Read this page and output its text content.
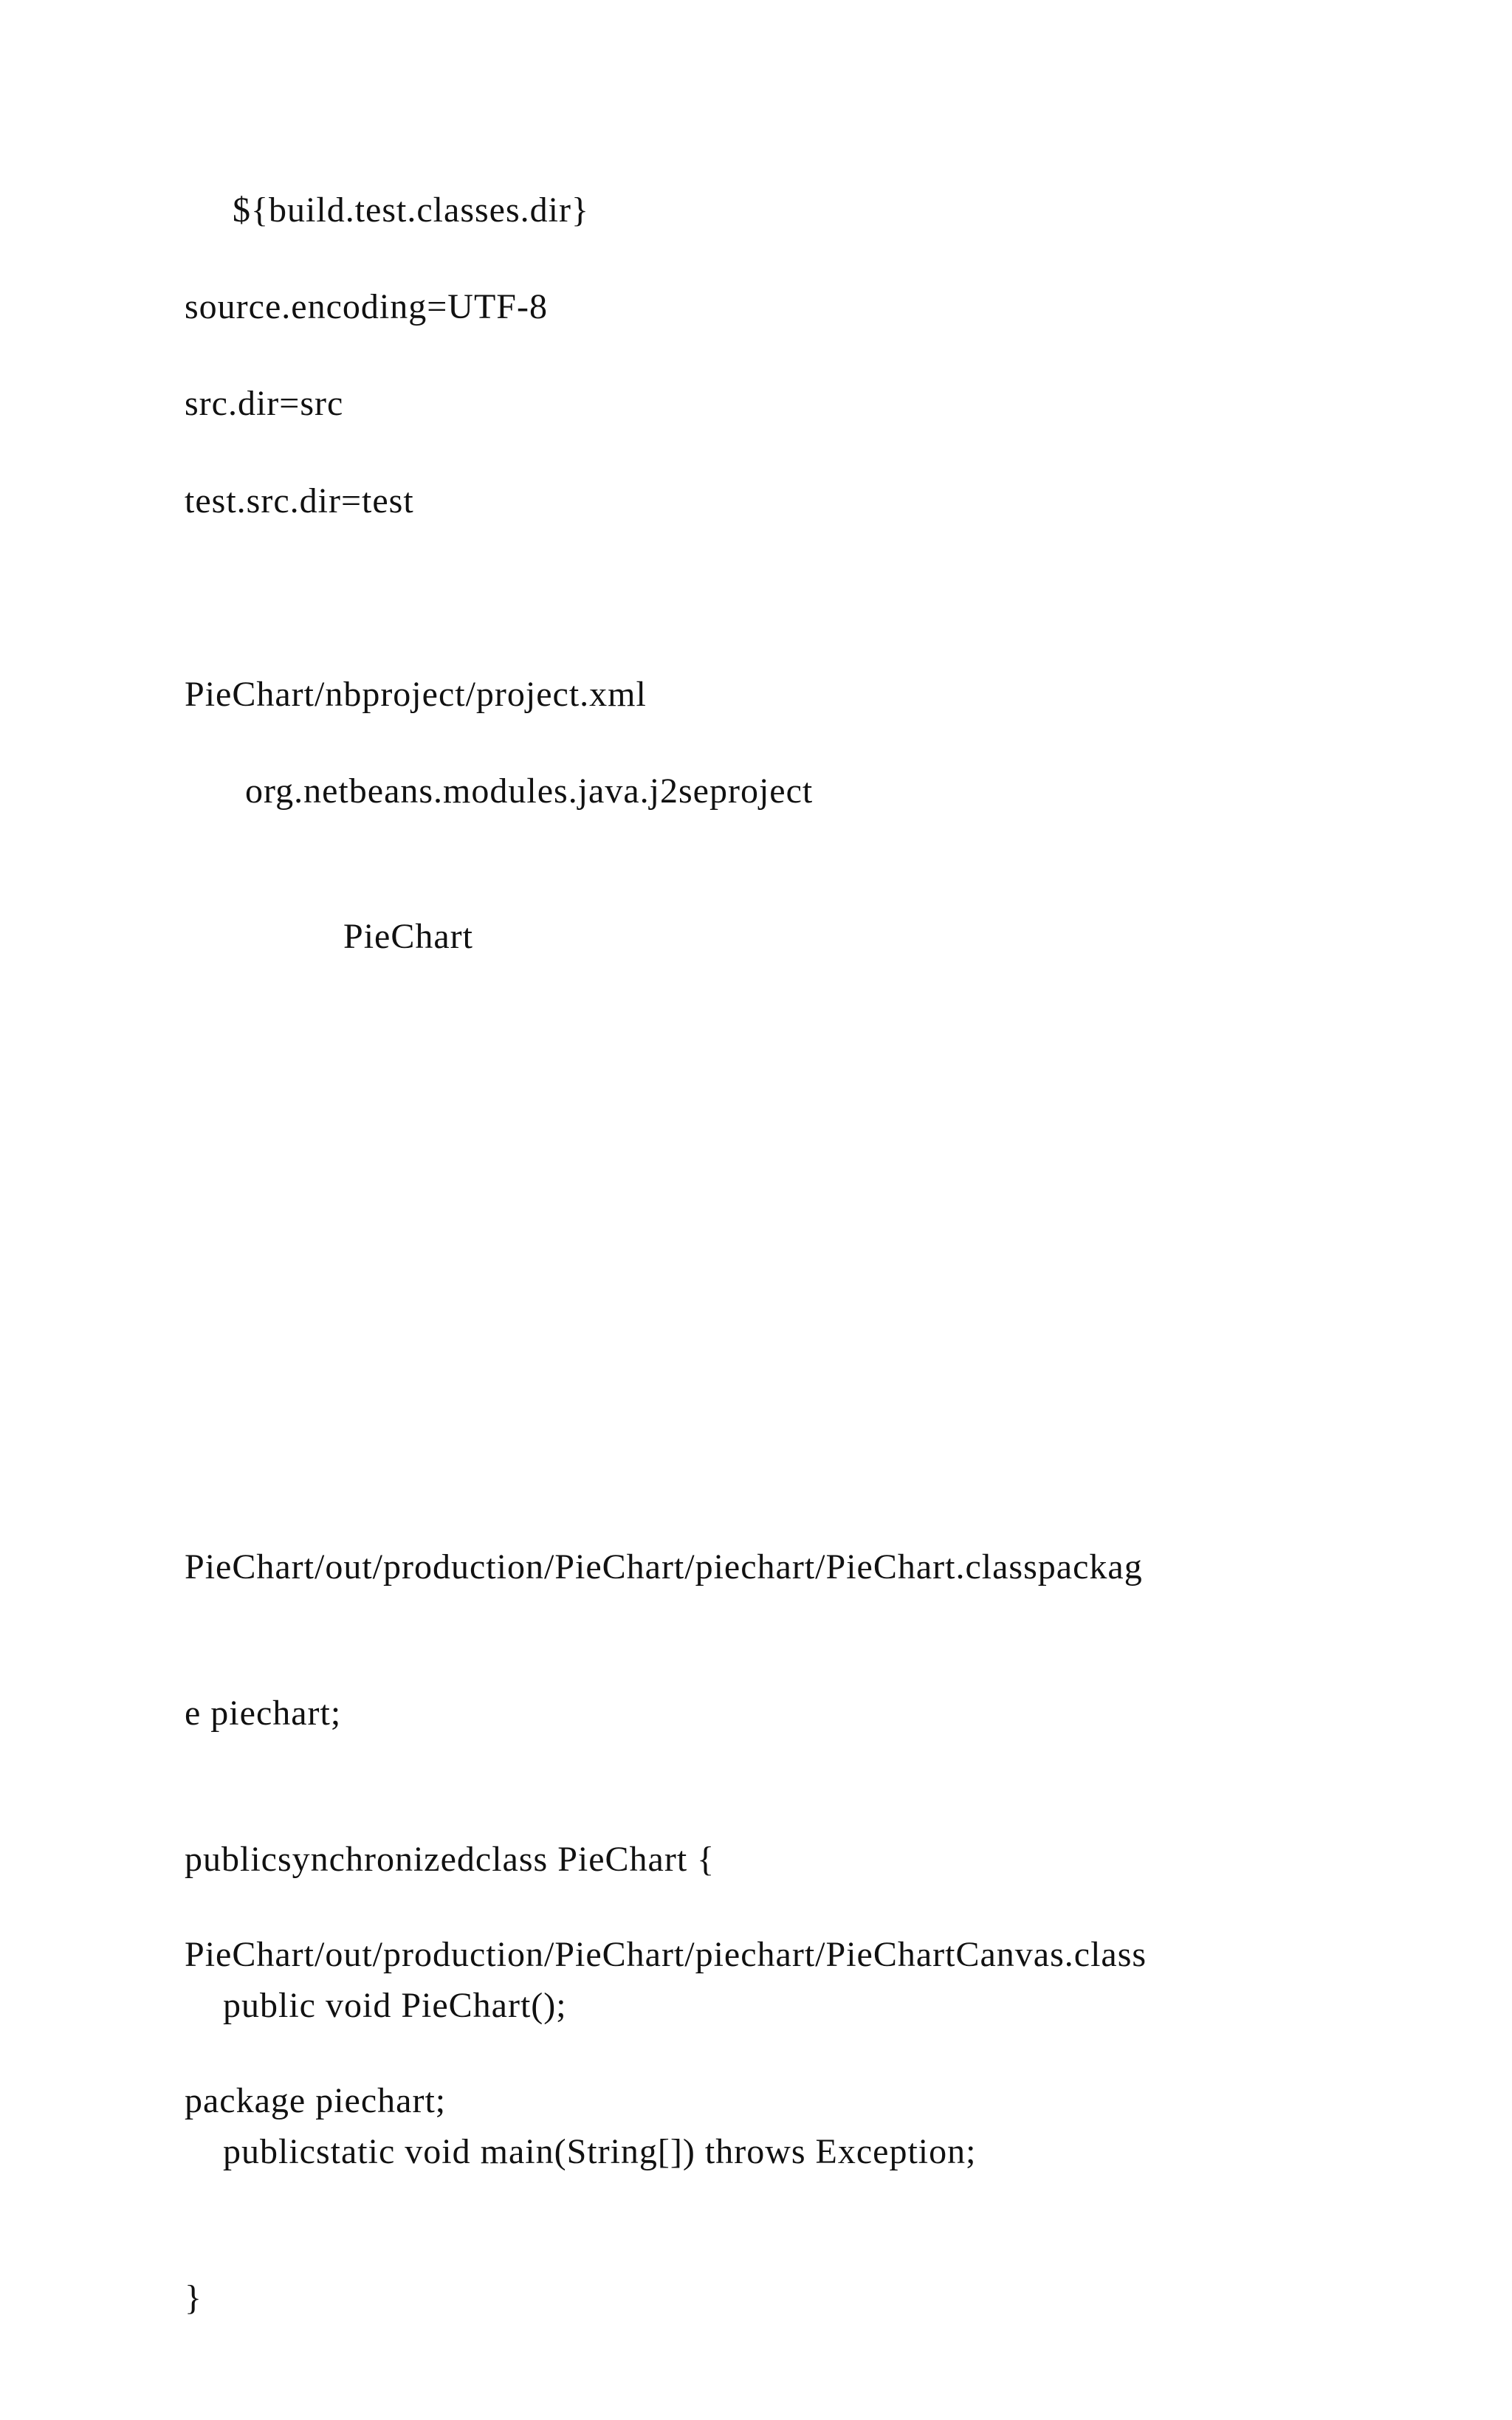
${build.test.classes.dir}
source.encoding=UTF-8
src.dir=src
test.src.dir=test
PieChart/nbproject/project.xml
org.netbeans.modules.java.j2seproject
PieChart

PieChart/out/production/PieChart/piechart/PieChart.classpackag

e piechart;

publicsynchronizedclass PieChart {

public void PieChart();

publicstatic void main(String[]) throws Exception;

}

PieChart/out/production/PieChart/piechart/PieChartCanvas.class

package piechart;
